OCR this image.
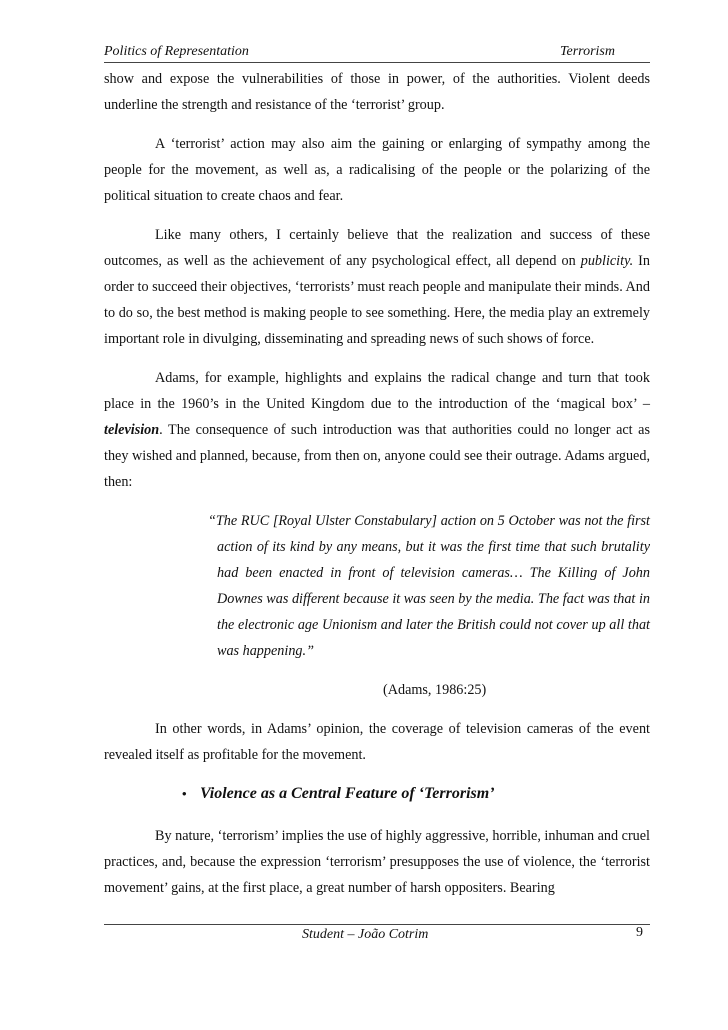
Politics of Representation	Terrorism

show and expose the vulnerabilities of those in power, of the authorities. Violent deeds underline the strength and resistance of the ‘terrorist’ group.

A ‘terrorist’ action may also aim the gaining or enlarging of sympathy among the people for the movement, as well as, a radicalising of the people or the polarizing of the political situation to create chaos and fear.

Like many others, I certainly believe that the realization and success of these outcomes, as well as the achievement of any psychological effect, all depend on publicity. In order to succeed their objectives, ‘terrorists’ must reach people and manipulate their minds. And to do so, the best method is making people to see something. Here, the media play an extremely important role in divulging, disseminating and spreading news of such shows of force.

Adams, for example, highlights and explains the radical change and turn that took place in the 1960’s in the United Kingdom due to the introduction of the ‘magical box’ – television. The consequence of such introduction was that authorities could no longer act as they wished and planned, because, from then on, anyone could see their outrage. Adams argued, then:

“The RUC [Royal Ulster Constabulary] action on 5 October was not the first action of its kind by any means, but it was the first time that such brutality had been enacted in front of television cameras… The Killing of John Downes was different because it was seen by the media. The fact was that in the electronic age Unionism and later the British could not cover up all that was happening.”

(Adams, 1986:25)

In other words, in Adams’ opinion, the coverage of television cameras of the event revealed itself as profitable for the movement.

• Violence as a Central Feature of ‘Terrorism’

By nature, ‘terrorism’ implies the use of highly aggressive, horrible, inhuman and cruel practices, and, because the expression ‘terrorism’ presupposes the use of violence, the ‘terrorist movement’ gains, at the first place, a great number of harsh oppositers. Bearing

Student – João Cotrim	9
